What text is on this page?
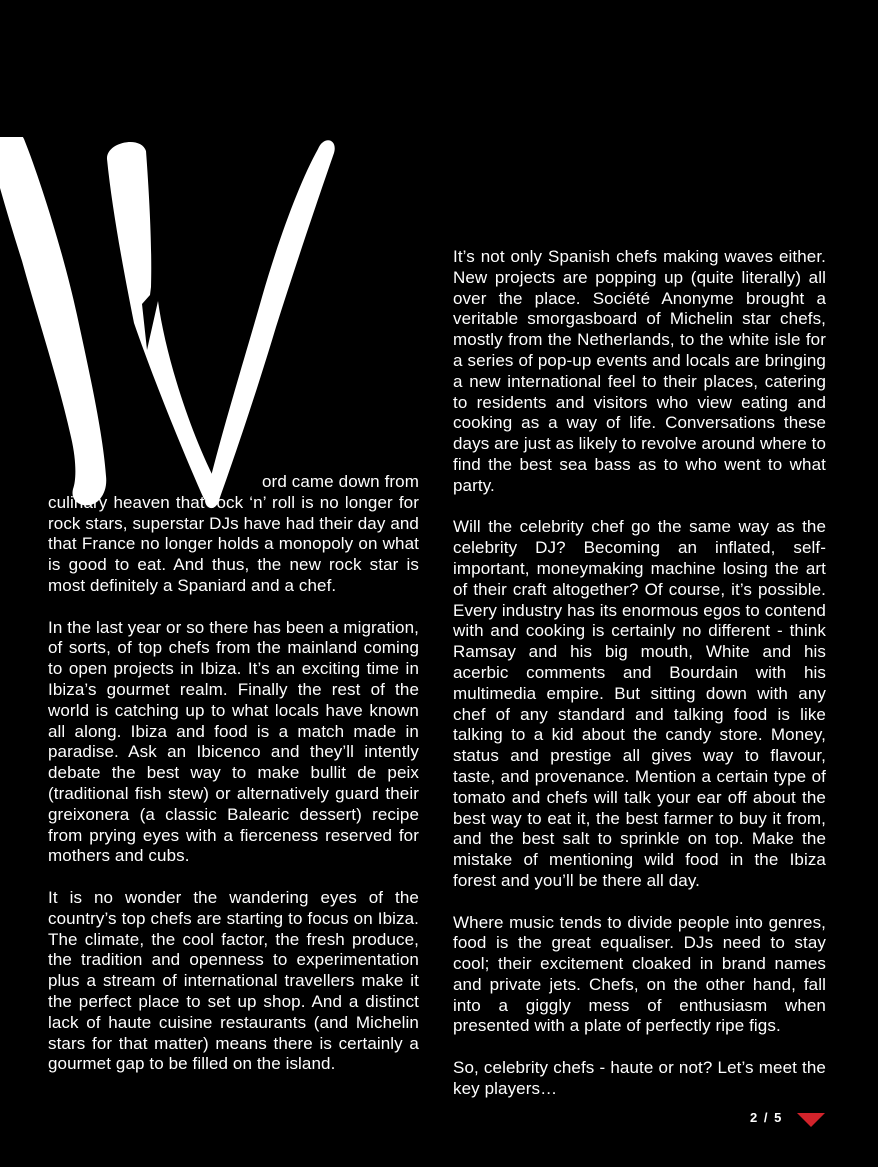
ord came down from culinary heaven that rock ‘n’ roll is no longer for rock stars, superstar DJs have had their day and that France no longer holds a monopoly on what is good to eat. And thus, the new rock star is most definitely a Spaniard and a chef.

In the last year or so there has been a migration, of sorts, of top chefs from the mainland coming to open projects in Ibiza. It’s an exciting time in Ibiza’s gourmet realm. Finally the rest of the world is catching up to what locals have known all along. Ibiza and food is a match made in paradise. Ask an Ibicenco and they’ll intently debate the best way to make bullit de peix (traditional fish stew) or alternatively guard their greixonera (a classic Balearic dessert) recipe from prying eyes with a fierceness reserved for mothers and cubs.

It is no wonder the wandering eyes of the country’s top chefs are starting to focus on Ibiza. The climate, the cool factor, the fresh produce, the tradition and openness to experimentation plus a stream of international travellers make it the perfect place to set up shop. And a distinct lack of haute cuisine restaurants (and Michelin stars for that matter) means there is certainly a gourmet gap to be filled on the island.

It’s not only Spanish chefs making waves either. New projects are popping up (quite literally) all over the place. Société Anonyme brought a veritable smorgasboard of Michelin star chefs, mostly from the Netherlands, to the white isle for a series of pop-up events and locals are bringing a new international feel to their places, catering to residents and visitors who view eating and cooking as a way of life. Conversations these days are just as likely to revolve around where to find the best sea bass as to who went to what party.

Will the celebrity chef go the same way as the celebrity DJ? Becoming an inflated, self-important, moneymaking machine losing the art of their craft altogether? Of course, it’s possible. Every industry has its enormous egos to contend with and cooking is certainly no different - think Ramsay and his big mouth, White and his acerbic comments and Bourdain with his multimedia empire. But sitting down with any chef of any standard and talking food is like talking to a kid about the candy store. Money, status and prestige all gives way to flavour, taste, and provenance. Mention a certain type of tomato and chefs will talk your ear off about the best way to eat it, the best farmer to buy it from, and the best salt to sprinkle on top. Make the mistake of mentioning wild food in the Ibiza forest and you’ll be there all day.

Where music tends to divide people into genres, food is the great equaliser. DJs need to stay cool; their excitement cloaked in brand names and private jets. Chefs, on the other hand, fall into a giggly mess of enthusiasm when presented with a plate of perfectly ripe figs.

So, celebrity chefs - haute or not? Let’s meet the key players…

2 / 5
